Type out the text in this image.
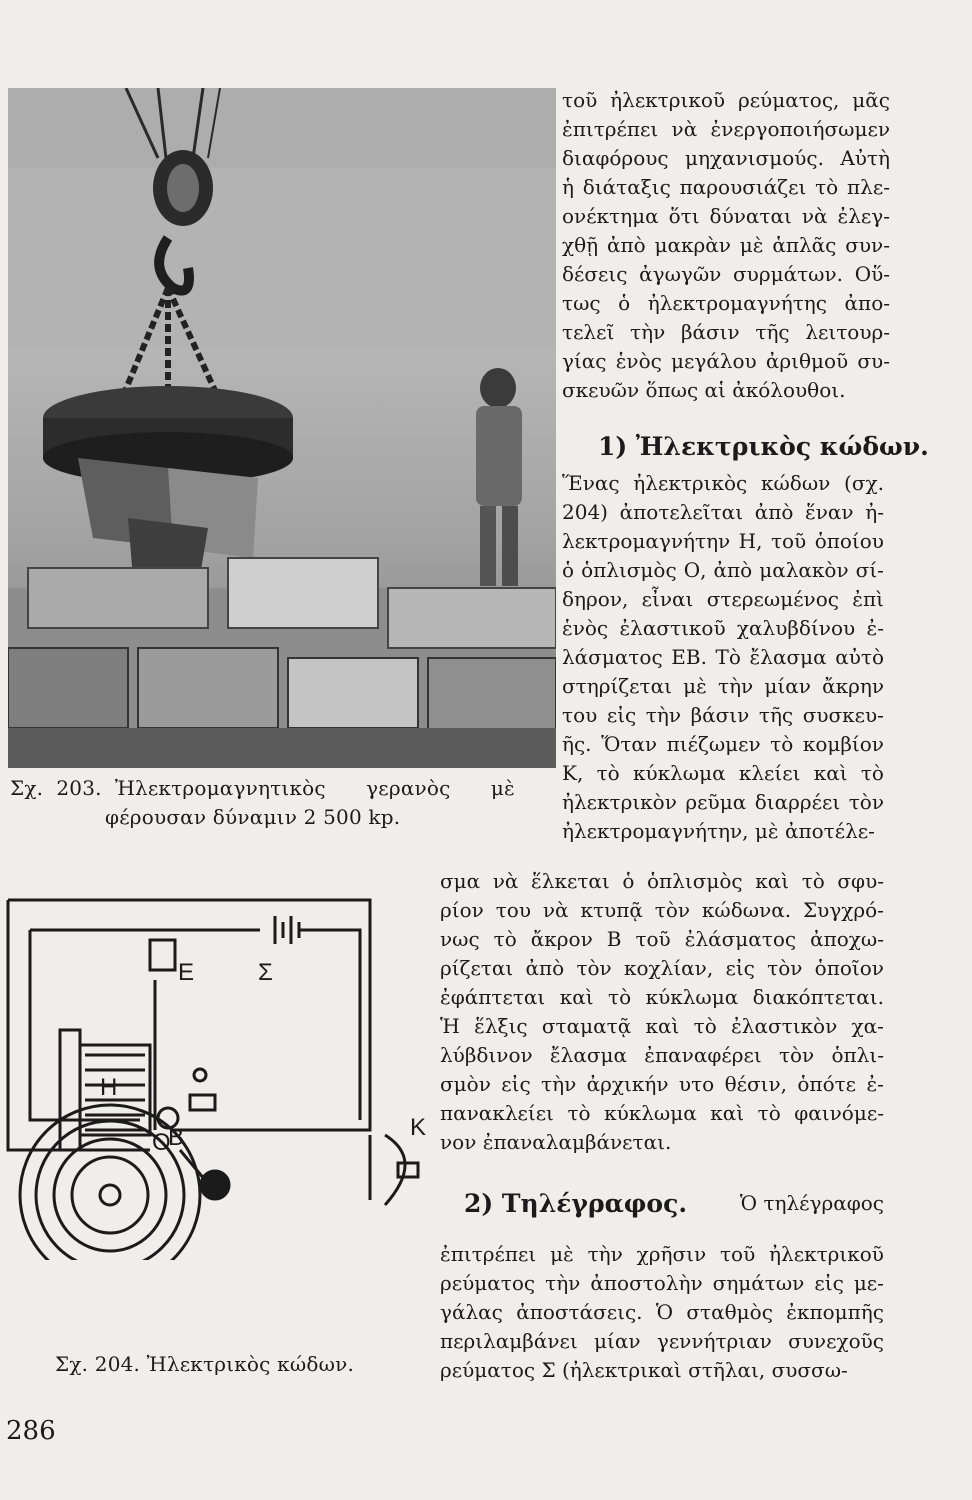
Σχ. 203. Ἠλεκτρομαγνητικὸς γερανὸς μὲ
φέρουσαν δύναμιν 2 500 kp.
E	Σ
Η
O
B	K
Σχ. 204. Ἠλεκτρικὸς κώδων.
τοῦ ἠλεκτρικοῦ ρεύματος, μᾶς
ἐπιτρέπει νὰ ἐνεργοποιήσωμεν
διαφόρους μηχανισμούς. Αὐτὴ
ἡ διάταξις παρουσιάζει τὸ πλε-
ονέκτημα ὅτι δύναται νὰ ἐλεγ-
χθῇ ἀπὸ μακρὰν μὲ ἁπλᾶς συν-
δέσεις ἀγωγῶν συρμάτων. Οὕ-
τως ὁ ἠλεκτρομαγνήτης ἀπο-
τελεῖ τὴν βάσιν τῆς λειτουρ-
γίας ἑνὸς μεγάλου ἀριθμοῦ συ-
σκευῶν ὅπως αἱ ἀκόλουθοι.
1) Ἠλεκτρικὸς κώδων.
Ἕνας ἠλεκτρικὸς κώδων (σχ.
204) ἀποτελεῖται ἀπὸ ἕναν ἠ-
λεκτρομαγνήτην Η, τοῦ ὁποίου
ὁ ὁπλισμὸς Ο, ἀπὸ μαλακὸν σί-
δηρον, εἶναι στερεωμένος ἐπὶ
ἑνὸς ἐλαστικοῦ χαλυβδίνου ἐ-
λάσματος ΕΒ. Τὸ ἔλασμα αὐτὸ
στηρίζεται μὲ τὴν μίαν ἄκρην
του εἰς τὴν βάσιν τῆς συσκευ-
ῆς. Ὅταν πιέζωμεν τὸ κομβίον
Κ, τὸ κύκλωμα κλείει καὶ τὸ
ἠλεκτρικὸν ρεῦμα διαρρέει τὸν
ἠλεκτρομαγνήτην, μὲ ἀποτέλε-
σμα νὰ ἕλκεται ὁ ὁπλισμὸς καὶ τὸ σφυ-
ρίον του νὰ κτυπᾷ τὸν κώδωνα. Συγχρό-
νως τὸ ἄκρον Β τοῦ ἐλάσματος ἀποχω-
ρίζεται ἀπὸ τὸν κοχλίαν, εἰς τὸν ὁποῖον
ἐφάπτεται καὶ τὸ κύκλωμα διακόπτεται.
Ἡ ἕλξις σταματᾷ καὶ τὸ ἐλαστικὸν χα-
λύβδινον ἔλασμα ἐπαναφέρει τὸν ὁπλι-
σμὸν εἰς τὴν ἀρχικήν υτο θέσιν, ὁπότε ἐ-
πανακλείει τὸ κύκλωμα καὶ τὸ φαινόμε-
νον ἐπαναλαμβάνεται.
2) Τηλέγραφος.	Ὁ τηλέγραφος
ἐπιτρέπει μὲ τὴν χρῆσιν τοῦ ἠλεκτρικοῦ
ρεύματος τὴν ἀποστολὴν σημάτων εἰς με-
γάλας ἀποστάσεις. Ὁ σταθμὸς ἐκπομπῆς
περιλαμβάνει μίαν γεννήτριαν συνεχοῦς
ρεύματος Σ (ἠλεκτρικαὶ στῆλαι, συσσω-
286
